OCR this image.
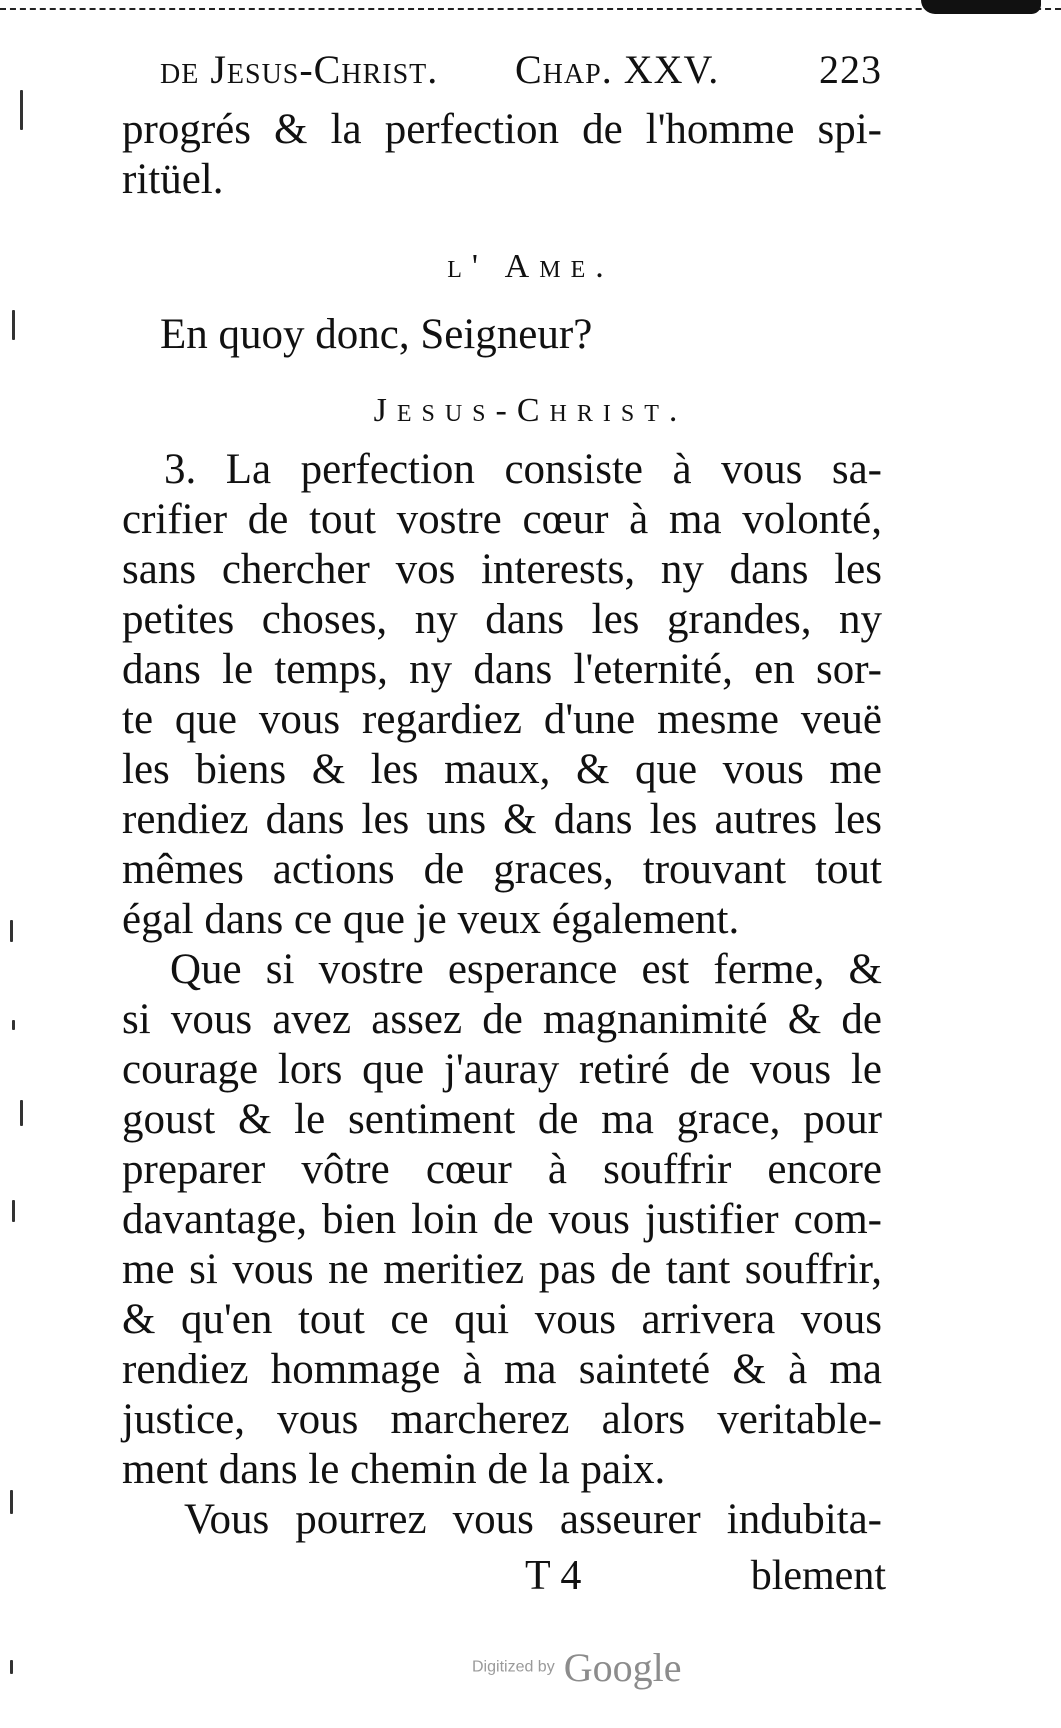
de Jesus-Christ. Chap. XXV. 223
progrés & la perfection de l'homme spi-
ritüel.
l' Ame.
En quoy donc, Seigneur?
Jesus-Christ.
3. La perfection consiste à vous sa-
crifier de tout vostre cœur à ma volonté,
sans chercher vos interests, ny dans les
petites choses, ny dans les grandes, ny
dans le temps, ny dans l'eternité, en sor-
te que vous regardiez d'une mesme veuë
les biens & les maux, & que vous me
rendiez dans les uns & dans les autres les
mêmes actions de graces, trouvant tout
égal dans ce que je veux également.
Que si vostre esperance est ferme, &
si vous avez assez de magnanimité & de
courage lors que j'auray retiré de vous le
goust & le sentiment de ma grace, pour
preparer vôtre cœur à souffrir encore
davantage, bien loin de vous justifier com-
me si vous ne meritiez pas de tant souffrir,
& qu'en tout ce qui vous arrivera vous
rendiez hommage à ma sainteté & à ma
justice, vous marcherez alors veritable-
ment dans le chemin de la paix.
Vous pourrez vous asseurer indubita-
T 4	blement
Digitized by Google
